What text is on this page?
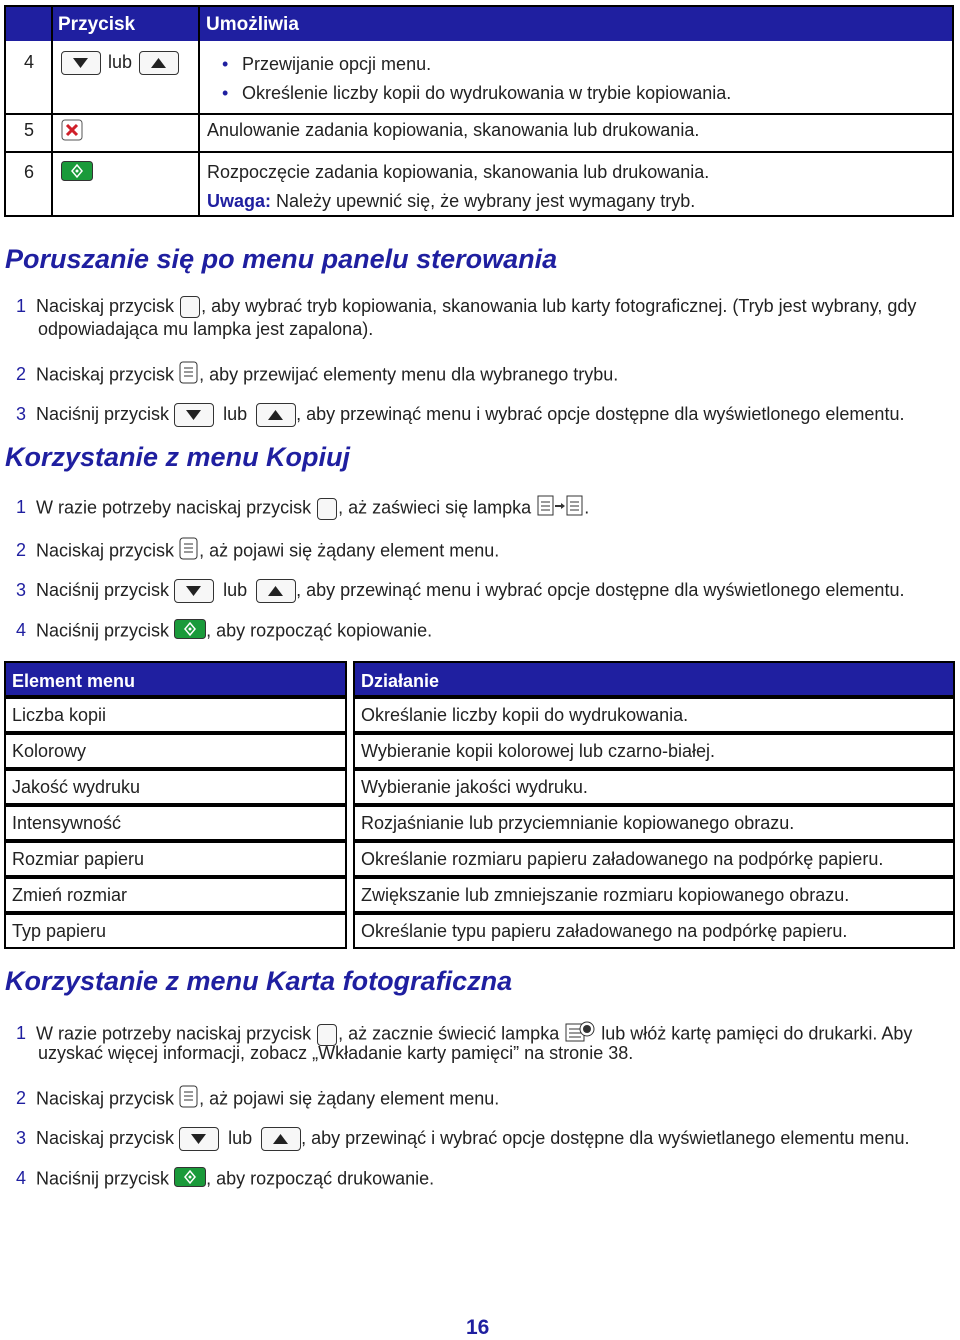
Przycisk	Umożliwia
4	lub
•	Przewijanie opcji menu.
• Określenie liczby kopii do wydrukowania w trybie kopiowania.
5	Anulowanie zadania kopiowania, skanowania lub drukowania.
6	Rozpoczęcie zadania kopiowania, skanowania lub drukowania.
Uwaga: Należy upewnić się, że wybrany jest wymagany tryb.
Poruszanie się po menu panelu sterowania
1 Naciskaj przycisk , aby wybrać tryb kopiowania, skanowania lub karty fotograficznej. (Tryb jest wybrany, gdy
odpowiadająca mu lampka jest zapalona).
2 Naciskaj przycisk , aby przewijać elementy menu dla wybranego trybu.
3 Naciśnij przycisk	lub	, aby przewinąć menu i wybrać opcje dostępne dla wyświetlonego elementu.
Korzystanie z menu Kopiuj
1 W razie potrzeby naciskaj przycisk , aż zaświeci się lampka	.
2 Naciskaj przycisk , aż pojawi się żądany element menu.
3 Naciśnij przycisk	lub	, aby przewinąć menu i wybrać opcje dostępne dla wyświetlonego elementu.
4 Naciśnij przycisk , aby rozpocząć kopiowanie.
Element menu	Działanie
Liczba kopii	Określanie liczby kopii do wydrukowania.
Kolorowy	Wybieranie kopii kolorowej lub czarno-białej.
Jakość wydruku	Wybieranie jakości wydruku.
Intensywność	Rozjaśnianie lub przyciemnianie kopiowanego obrazu.
Rozmiar papieru	Określanie rozmiaru papieru załadowanego na podpórkę papieru.
Zmień rozmiar	Zwiększanie lub zmniejszanie rozmiaru kopiowanego obrazu.
Typ papieru	Określanie typu papieru załadowanego na podpórkę papieru.
Korzystanie z menu Karta fotograficzna
1 W razie potrzeby naciskaj przycisk , aż zacznie świecić lampka lub włóż kartę pamięci do drukarki. Aby
uzyskać więcej informacji, zobacz „Wkładanie karty pamięci” na stronie 38.
2 Naciskaj przycisk , aż pojawi się żądany element menu.
3 Naciskaj przycisk	lub	, aby przewinąć i wybrać opcje dostępne dla wyświetlanego elementu menu.
4 Naciśnij przycisk , aby rozpocząć drukowanie.
16
